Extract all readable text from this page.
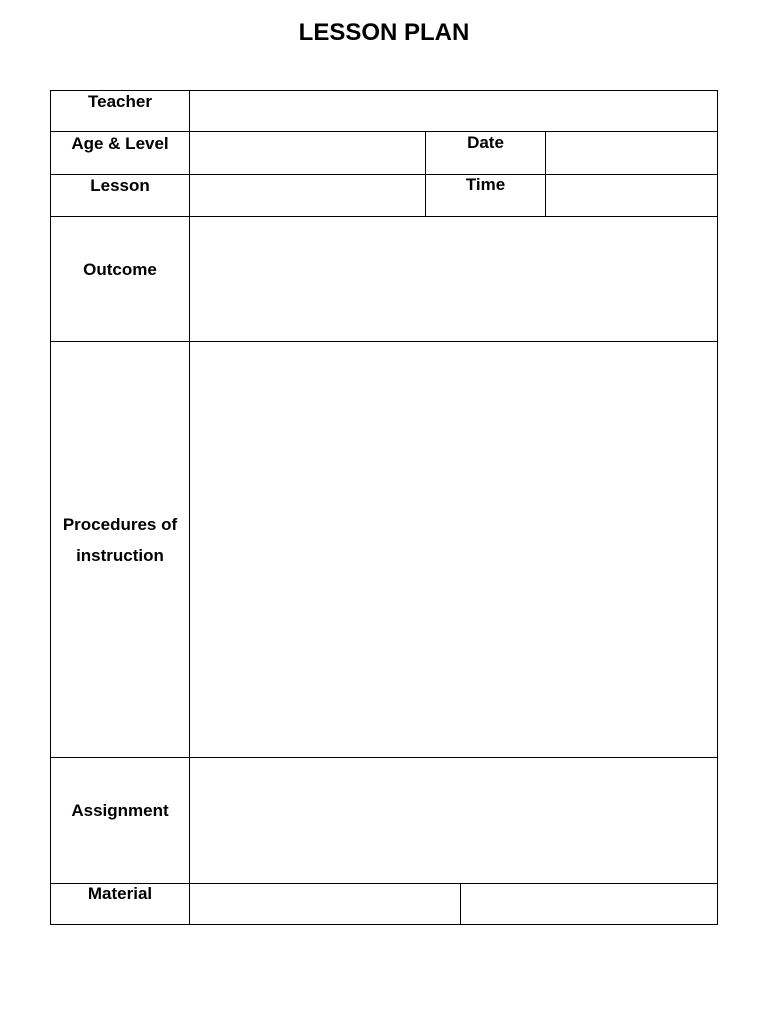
LESSON PLAN
Teacher
Age & Level	Date
Lesson	Time
Outcome
Procedures of
instruction
Assignment
Material
